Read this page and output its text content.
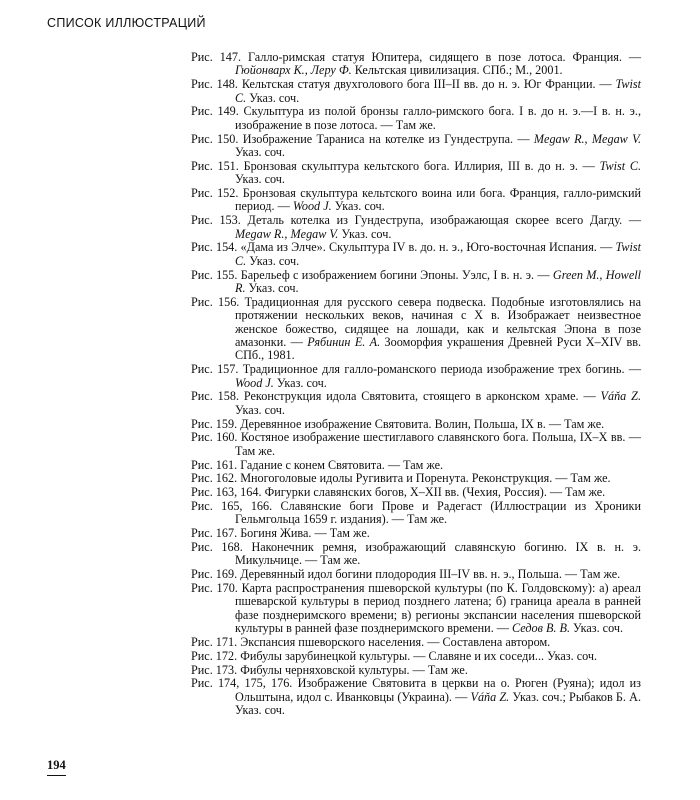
СПИСОК ИЛЛЮСТРАЦИЙ
Рис. 147. Галло-римская статуя Юпитера, сидящего в позе лотоса. Франция. — Гюйонварх К., Леру Ф. Кельтская цивилизация. СПб.; М., 2001.
Рис. 148. Кельтская статуя двухголового бога III–II вв. до н. э. Юг Франции. — Twist C. Указ. соч.
Рис. 149. Скульптура из полой бронзы галло-римского бога. I в. до н. э.—I в. н. э., изображение в позе лотоса. — Там же.
Рис. 150. Изображение Тараниса на котелке из Гундеструпа. — Megaw R., Megaw V. Указ. соч.
Рис. 151. Бронзовая скульптура кельтского бога. Иллирия, III в. до н. э. — Twist C. Указ. соч.
Рис. 152. Бронзовая скульптура кельтского воина или бога. Франция, галло-римский период. — Wood J. Указ. соч.
Рис. 153. Деталь котелка из Гундеструпа, изображающая скорее всего Дагду. — Megaw R., Megaw V. Указ. соч.
Рис. 154. «Дама из Элче». Скульптура IV в. до. н. э., Юго-восточная Испания. — Twist C. Указ. соч.
Рис. 155. Барельеф с изображением богини Эпоны. Уэлс, I в. н. э. — Green M., Howell R. Указ. соч.
Рис. 156. Традиционная для русского севера подвеска. Подобные изготовлялись на протяжении нескольких веков, начиная с X в. Изображает неизвестное женское божество, сидящее на лошади, как и кельтская Эпона в позе амазонки. — Рябинин Е. А. Зооморфия украшения Древней Руси X–XIV вв. СПб., 1981.
Рис. 157. Традиционное для галло-романского периода изображение трех богинь. — Wood J. Указ. соч.
Рис. 158. Реконструкция идола Святовита, стоящего в арконском храме. — Váňa Z. Указ. соч.
Рис. 159. Деревянное изображение Святовита. Волин, Польша, IX в. — Там же.
Рис. 160. Костяное изображение шестиглавого славянского бога. Польша, IX–X вв. — Там же.
Рис. 161. Гадание с конем Святовита. — Там же.
Рис. 162. Многоголовые идолы Ругивита и Поренута. Реконструкция. — Там же.
Рис. 163, 164. Фигурки славянских богов, X–XII вв. (Чехия, Россия). — Там же.
Рис. 165, 166. Славянские боги Прове и Радегаст (Иллюстрации из Хроники Гельмгольца 1659 г. издания). — Там же.
Рис. 167. Богиня Жива. — Там же.
Рис. 168. Наконечник ремня, изображающий славянскую богиню. IX в. н. э. Микульчице. — Там же.
Рис. 169. Деревянный идол богини плодородия III–IV вв. н. э., Польша. — Там же.
Рис. 170. Карта распространения пшеворской культуры (по К. Голдовскому): а) ареал пшеварской культуры в период позднего латена; б) граница ареала в ранней фазе позднеримского времени; в) регионы экспансии населения пшеворской культуры в ранней фазе позднеримского времени. — Седов В. В. Указ. соч.
Рис. 171. Экспансия пшеворского населения. — Составлена автором.
Рис. 172. Фибулы зарубинецкой культуры. — Славяне и их соседи... Указ. соч.
Рис. 173. Фибулы черняховской культуры. — Там же.
Рис. 174, 175, 176. Изображение Святовита в церкви на о. Рюген (Руяна); идол из Ольштына, идол с. Иванковцы (Украина). — Váňa Z. Указ. соч.; Рыбаков Б. А. Указ. соч.
194
